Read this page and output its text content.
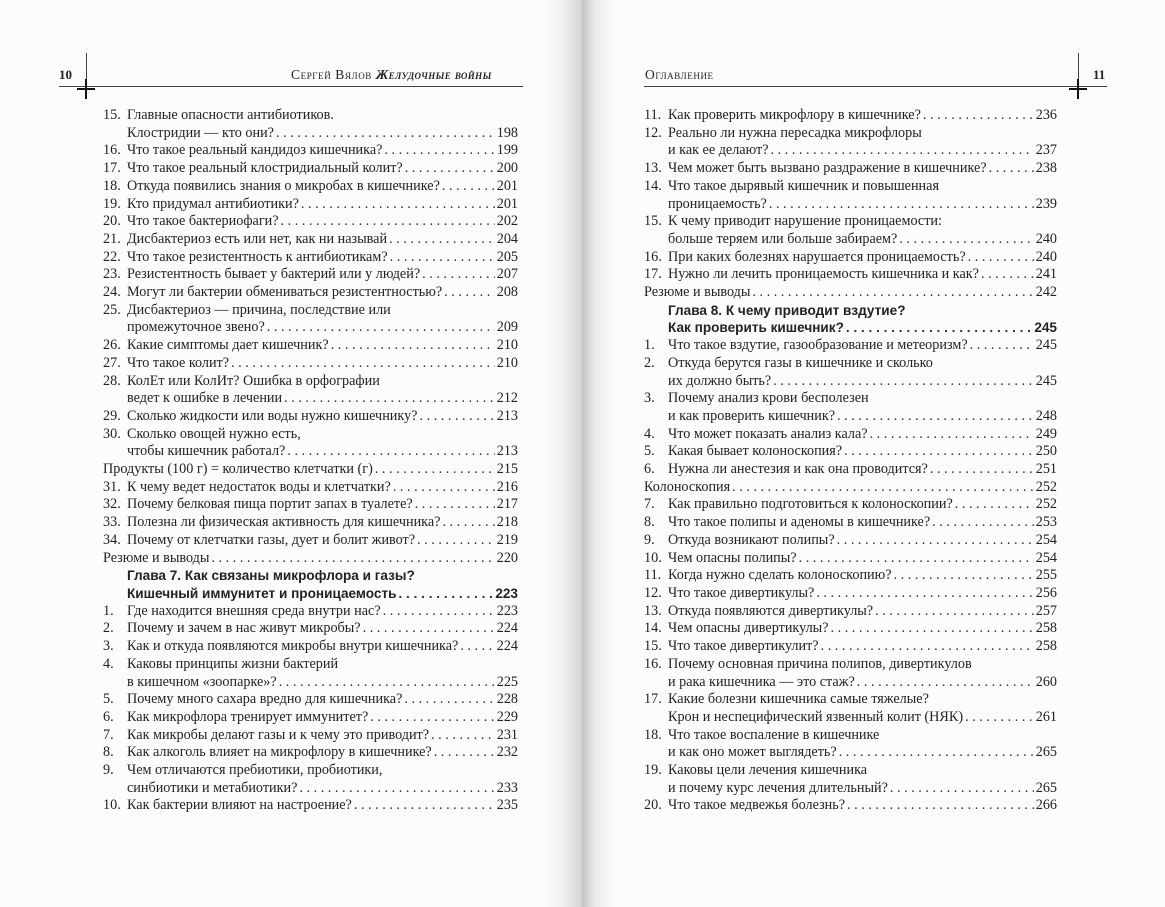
10	Сергей Вялов Желудочные войны
15. Главные опасности антибиотиков.
Клостридии — кто они? . . .	198
16. Что такое реальный кандидоз кишечника? . . .	199
17. Что такое реальный клостридиальный колит? . . .	200
18. Откуда появились знания о микробах в кишечнике? . . .	201
19. Кто придумал антибиотики? . . .	201
20. Что такое бактериофаги? . . .	202
21. Дисбактериоз есть или нет, как ни называй . . .	204
22. Что такое резистентность к антибиотикам? . . .	205
23. Резистентность бывает у бактерий или у людей? . . .	207
24. Могут ли бактерии обмениваться резистентностью? . . .	208
25. Дисбактериоз — причина, последствие или
промежуточное звено? . . .	209
26. Какие симптомы дает кишечник? . . .	210
27. Что такое колит? . . .	210
28. КолЕт или КолИт? Ошибка в орфографии
ведет к ошибке в лечении . . .	212
29. Сколько жидкости или воды нужно кишечнику? . . .	213
30. Сколько овощей нужно есть,
чтобы кишечник работал? . . .	213
Продукты (100 г) = количество клетчатки (г) . . .	215
31. К чему ведет недостаток воды и клетчатки? . . .	216
32. Почему белковая пища портит запах в туалете? . . .	217
33. Полезна ли физическая активность для кишечника? . . .	218
34. Почему от клетчатки газы, дует и болит живот? . . .	219
Резюме и выводы . . .	220
Глава 7. Как связаны микрофлора и газы?
Кишечный иммунитет и проницаемость . . .	223
1. Где находится внешняя среда внутри нас? . . .	223
2. Почему и зачем в нас живут микробы? . . .	224
3. Как и откуда появляются микробы внутри кишечника? . . .	224
4. Каковы принципы жизни бактерий
в кишечном «зоопарке»? . . .	225
5. Почему много сахара вредно для кишечника? . . .	228
6. Как микрофлора тренирует иммунитет? . . .	229
7. Как микробы делают газы и к чему это приводит? . . .	231
8. Как алкоголь влияет на микрофлору в кишечнике? . . .	232
9. Чем отличаются пребиотики, пробиотики,
синбиотики и метабиотики? . . .	233
10. Как бактерии влияют на настроение? . . .	235
Оглавление	11
11. Как проверить микрофлору в кишечнике? . . .	236
12. Реально ли нужна пересадка микрофлоры
и как ее делают? . . .	237
13. Чем может быть вызвано раздражение в кишечнике? . . .	238
14. Что такое дырявый кишечник и повышенная
проницаемость? . . .	239
15. К чему приводит нарушение проницаемости:
больше теряем или больше забираем? . . .	240
16. При каких болезнях нарушается проницаемость? . . .	240
17. Нужно ли лечить проницаемость кишечника и как? . . .	241
Резюме и выводы . . .	242
Глава 8. К чему приводит вздутие?
Как проверить кишечник? . . .	245
1. Что такое вздутие, газообразование и метеоризм? . . .	245
2. Откуда берутся газы в кишечнике и сколько
их должно быть? . . .	245
3. Почему анализ крови бесполезен
и как проверить кишечник? . . .	248
4. Что может показать анализ кала? . . .	249
5. Какая бывает колоноскопия? . . .	250
6. Нужна ли анестезия и как она проводится? . . .	251
Колоноскопия . . .	252
7. Как правильно подготовиться к колоноскопии? . . .	252
8. Что такое полипы и аденомы в кишечнике? . . .	253
9. Откуда возникают полипы? . . .	254
10. Чем опасны полипы? . . .	254
11. Когда нужно сделать колоноскопию? . . .	255
12. Что такое дивертикулы? . . .	256
13. Откуда появляются дивертикулы? . . .	257
14. Чем опасны дивертикулы? . . .	258
15. Что такое дивертикулит? . . .	258
16. Почему основная причина полипов, дивертикулов
и рака кишечника — это стаж? . . .	260
17. Какие болезни кишечника самые тяжелые?
Крон и неспецифический язвенный колит (НЯК) . . .	261
18. Что такое воспаление в кишечнике
и как оно может выглядеть? . . .	265
19. Каковы цели лечения кишечника
и почему курс лечения длительный? . . .	265
20. Что такое медвежья болезнь? . . .	266
